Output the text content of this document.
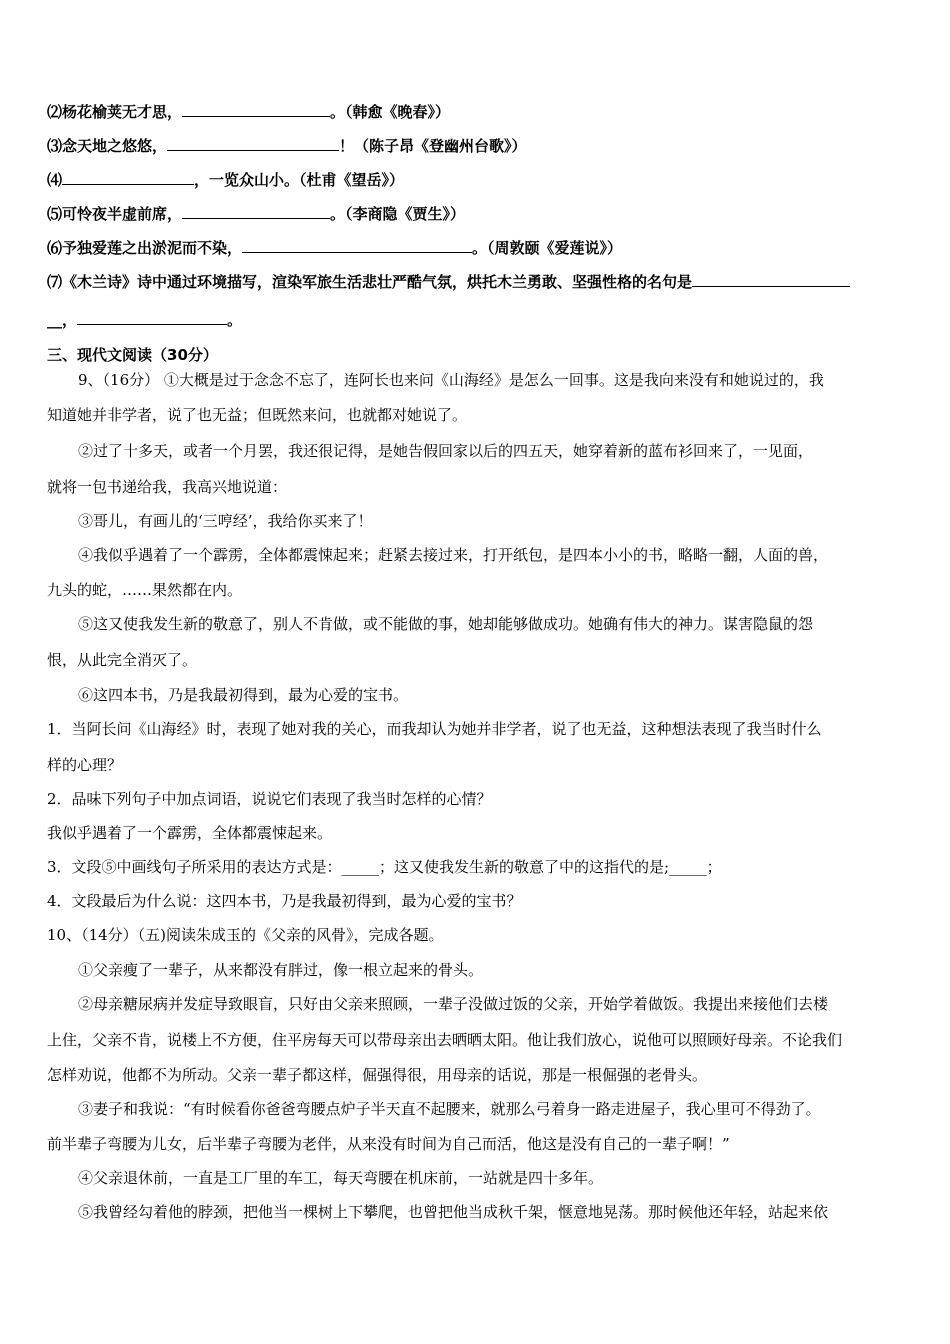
⑵杨花榆荚无才思，	。（韩愈《晚春》）
⑶念天地之悠悠，	！（陈子昂《登幽州台歌》）
⑷	，一览众山小。（杜甫《望岳》）
⑸可怜夜半虚前席，	。（李商隐《贾生》）
⑹予独爱莲之出淤泥而不染，	。（周敦颐《爱莲说》）
⑺《木兰诗》诗中通过环境描写，渲染军旅生活悲壮严酷气氛，烘托木兰勇敢、坚强性格的名句是
__，	。
三、现代文阅读（30分）
9、（16分） ①大概是过于念念不忘了，连阿长也来问《山海经》是怎么一回事。这是我向来没有和她说过的，我
知道她并非学者，说了也无益；但既然来问，也就都对她说了。
②过了十多天，或者一个月罢，我还很记得，是她告假回家以后的四五天，她穿着新的蓝布衫回来了，一见面，
就将一包书递给我，我高兴地说道：
③哥儿，有画儿的‘三哼经’，我给你买来了！
④我似乎遇着了一个霹雳，全体都震悚起来；赶紧去接过来，打开纸包，是四本小小的书，略略一翻，人面的兽，
九头的蛇，……果然都在内。
⑤这又使我发生新的敬意了，别人不肯做，或不能做的事，她却能够做成功。她确有伟大的神力。谋害隐鼠的怨
恨，从此完全消灭了。
⑥这四本书，乃是我最初得到，最为心爱的宝书。
1．当阿长问《山海经》时，表现了她对我的关心，而我却认为她并非学者，说了也无益，这种想法表现了我当时什么
样的心理？
2．品味下列句子中加点词语，说说它们表现了我当时怎样的心情？
我似乎遇着了一个霹雳，全体都震悚起来。
3．文段⑤中画线句子所采用的表达方式是：_____；这又使我发生新的敬意了中的这指代的是;_____；
4．文段最后为什么说：这四本书，乃是我最初得到，最为心爱的宝书？
10、（14分）（五)阅读朱成玉的《父亲的风骨》，完成各题。
①父亲瘦了一辈子，从来都没有胖过，像一根立起来的骨头。
②母亲糖尿病并发症导致眼盲，只好由父亲来照顾，一辈子没做过饭的父亲，开始学着做饭。我提出来接他们去楼
上住，父亲不肯，说楼上不方便，住平房每天可以带母亲出去晒晒太阳。他让我们放心，说他可以照顾好母亲。不论我们
怎样劝说，他都不为所动。父亲一辈子都这样，倔强得很，用母亲的话说，那是一根倔强的老骨头。
③妻子和我说：“有时候看你爸爸弯腰点炉子半天直不起腰来，就那么弓着身一路走进屋子，我心里可不得劲了。
前半辈子弯腰为儿女，后半辈子弯腰为老伴，从来没有时间为自己而活，他这是没有自己的一辈子啊！”
④父亲退休前，一直是工厂里的车工，每天弯腰在机床前，一站就是四十多年。
⑤我曾经勾着他的脖颈，把他当一棵树上下攀爬，也曾把他当成秋千架，惬意地晃荡。那时候他还年轻，站起来依
